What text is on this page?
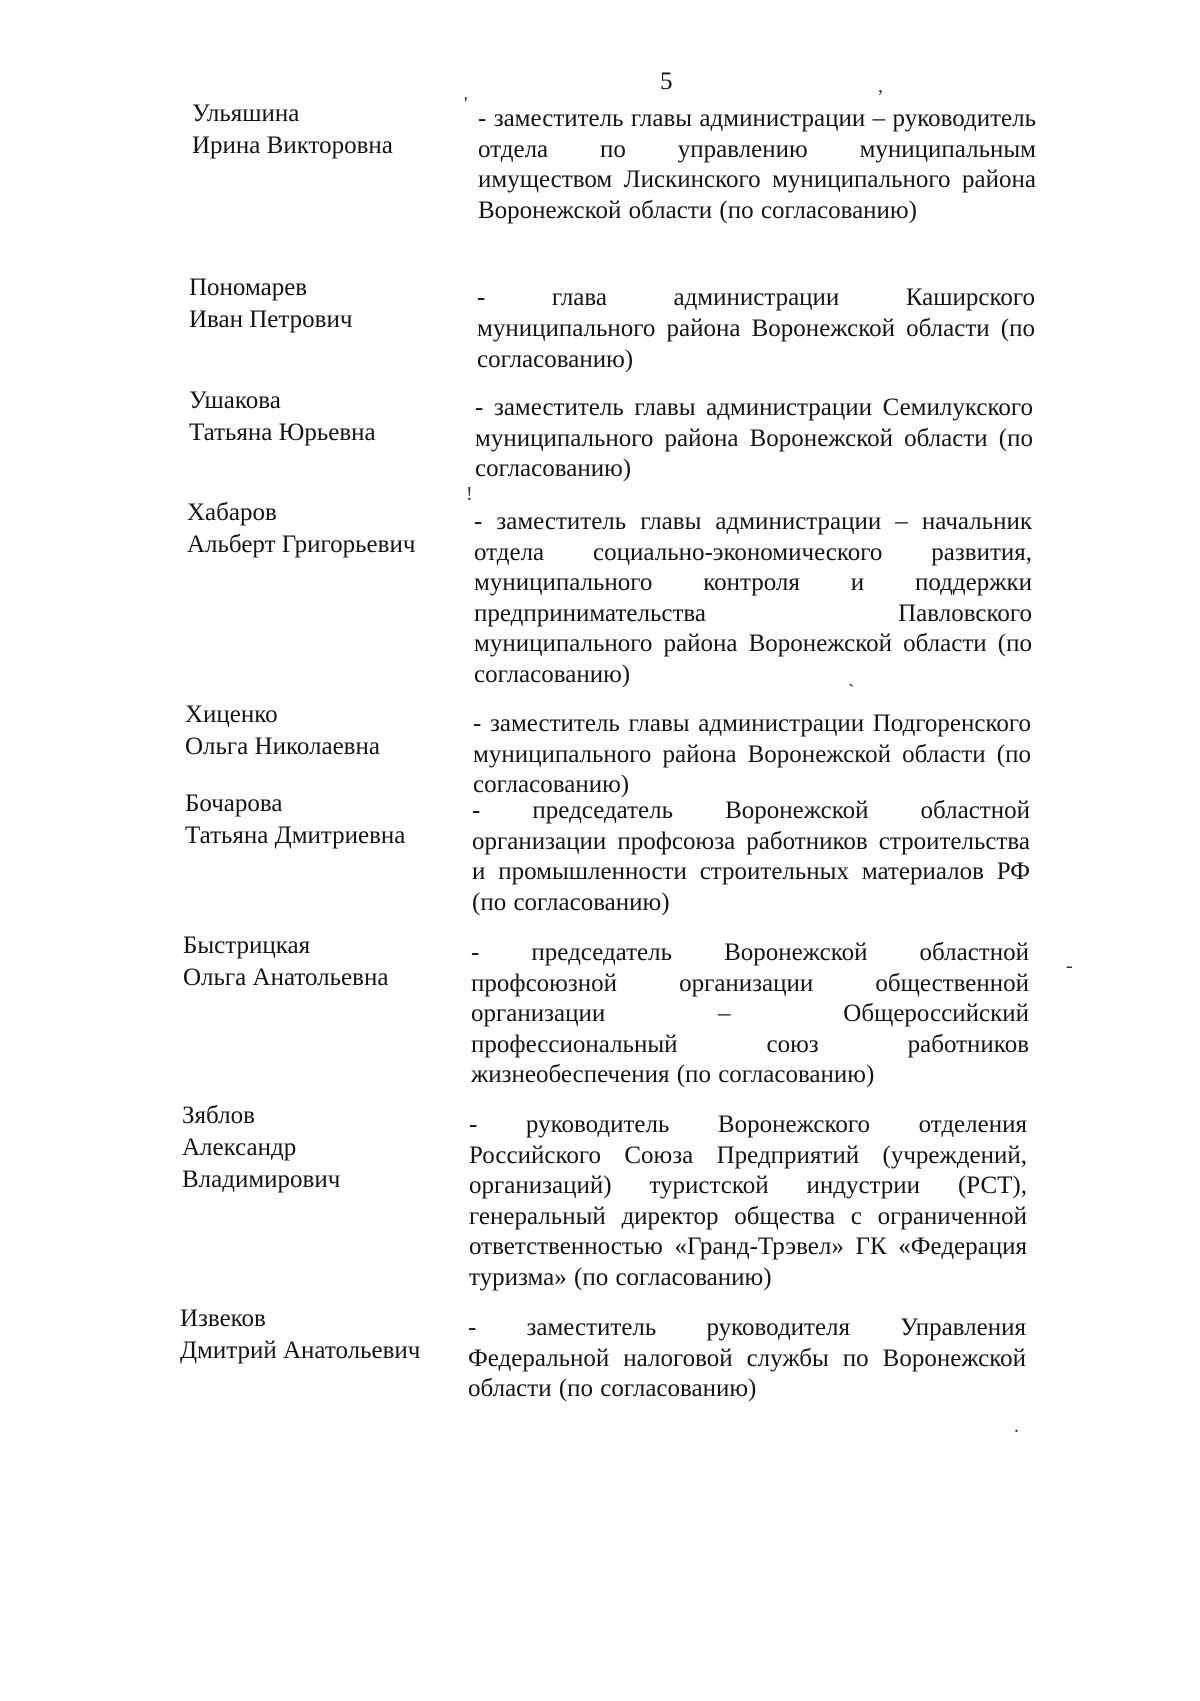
5
Ульяшина
Ирина Викторовна
- заместитель главы администрации – руководитель отдела по управлению муниципальным имуществом Лискинского муниципального района Воронежской области (по согласованию)
Пономарев
Иван Петрович
- глава администрации Каширского муниципального района Воронежской области (по согласованию)
Ушакова
Татьяна Юрьевна
- заместитель главы администрации Семилукского муниципального района Воронежской области (по согласованию)
Хабаров
Альберт Григорьевич
- заместитель главы администрации – начальник отдела социально-экономического развития, муниципального контроля и поддержки предпринимательства Павловского муниципального района Воронежской области (по согласованию)
Хиценко
Ольга Николаевна
- заместитель главы администрации Подгоренского муниципального района Воронежской области (по согласованию)
Бочарова
Татьяна Дмитриевна
- председатель Воронежской областной организации профсоюза работников строительства и промышленности строительных материалов РФ (по согласованию)
Быстрицкая
Ольга Анатольевна
- председатель Воронежской областной профсоюзной организации общественной организации – Общероссийский профессиональный союз работников жизнеобеспечения (по согласованию)
Зяблов
Александр Владимирович
- руководитель Воронежского отделения Российского Союза Предприятий (учреждений, организаций) туристской индустрии (РСТ), генеральный директор общества с ограниченной ответственностью «Гранд-Трэвел» ГК «Федерация туризма» (по согласованию)
Извеков
Дмитрий Анатольевич
- заместитель руководителя Управления Федеральной налоговой службы по Воронежской области (по согласованию)
'
,
!
`
-
.
